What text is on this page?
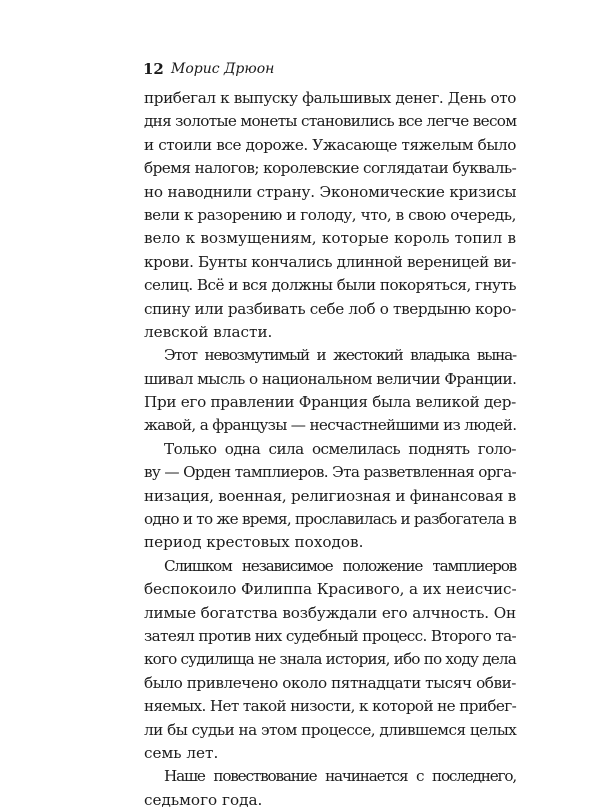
12 Морис Дрюон
прибегал к выпуску фальшивых денег. День ото
дня золотые монеты становились все легче весом
и стоили все дороже. Ужасающе тяжелым было
бремя налогов; королевские соглядатаи букваль-
но наводнили страну. Экономические кризисы
вели к разорению и голоду, что, в свою очередь,
вело к возмущениям, которые король топил в
крови. Бунты кончались длинной вереницей ви-
селиц. Всё и вся должны были покоряться, гнуть
спину или разбивать себе лоб о твердыню коро-
левской власти.
Этот невозмутимый и жестокий владыка вына-
шивал мысль о национальном величии Франции.
При его правлении Франция была великой дер-
жавой, а французы — несчастнейшими из людей.
Только одна сила осмелилась поднять голо-
ву — Орден тамплиеров. Эта разветвленная орга-
низация, военная, религиозная и финансовая в
одно и то же время, прославилась и разбогатела в
период крестовых походов.
Слишком независимое положение тамплиеров
беспокоило Филиппа Красивого, а их неисчис-
лимые богатства возбуждали его алчность. Он
затеял против них судебный процесс. Второго та-
кого судилища не знала история, ибо по ходу дела
было привлечено около пятнадцати тысяч обви-
няемых. Нет такой низости, к которой не прибег-
ли бы судьи на этом процессе, длившемся целых
семь лет.
Наше повествование начинается с последнего,
седьмого года.
